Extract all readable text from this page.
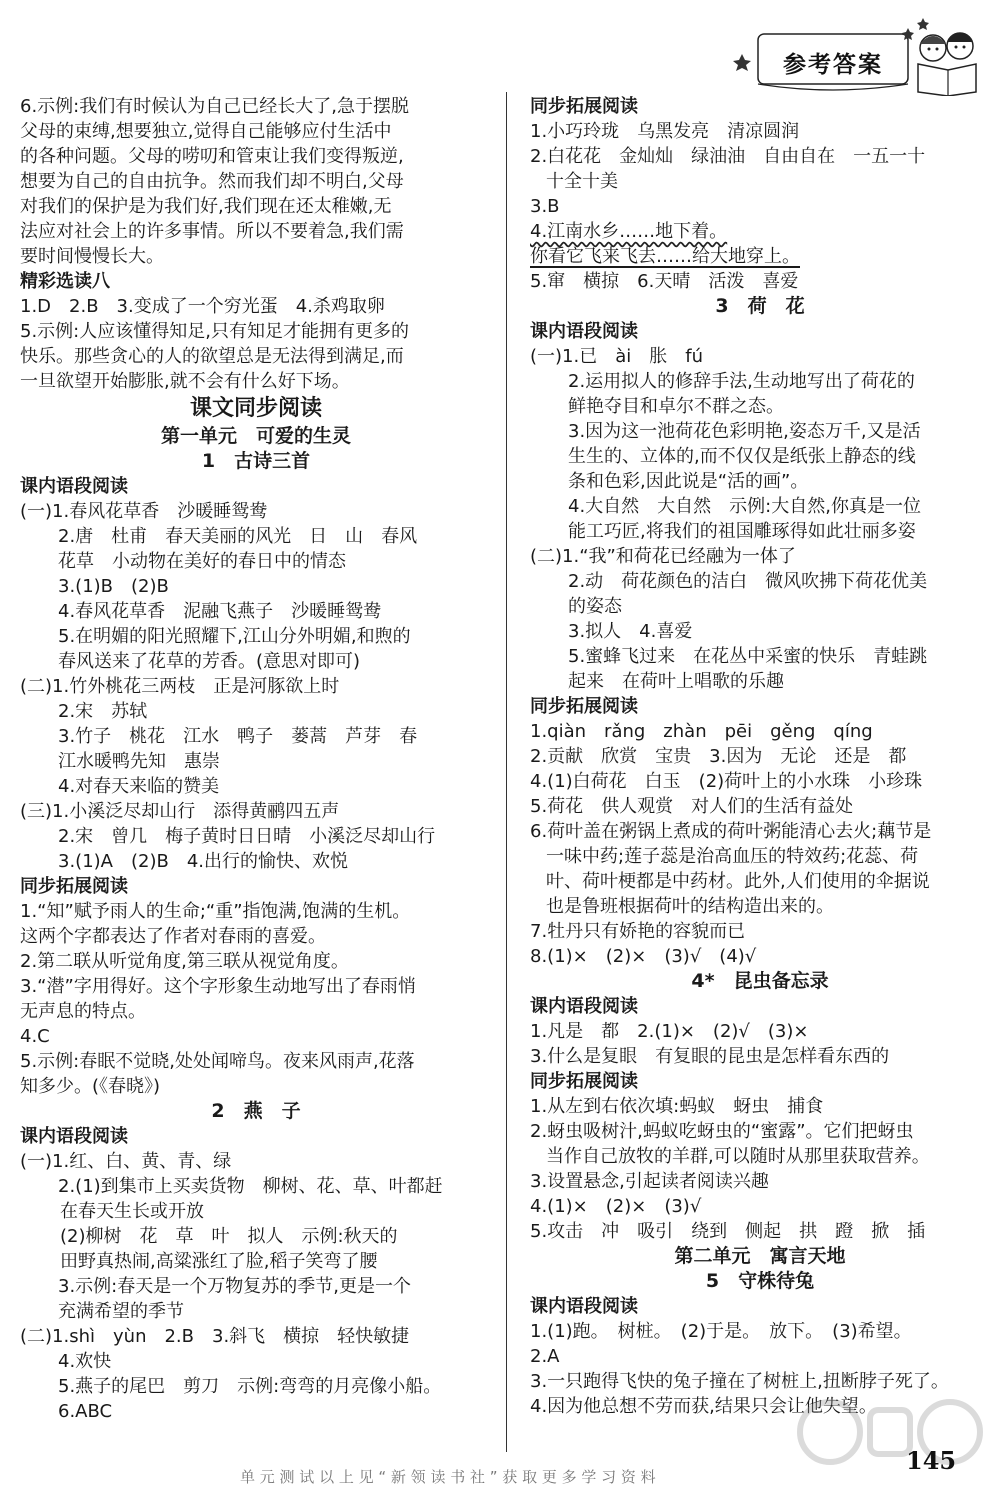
参考答案
6.示例:我们有时候认为自己已经长大了,急于摆脱
父母的束缚,想要独立,觉得自己能够应付生活中
的各种问题。父母的唠叨和管束让我们变得叛逆,
想要为自己的自由抗争。然而我们却不明白,父母
对我们的保护是为我们好,我们现在还太稚嫩,无
法应对社会上的许多事情。所以不要着急,我们需
要时间慢慢长大。
精彩选读八
1.D　2.B　3.变成了一个穷光蛋　4.杀鸡取卵
5.示例:人应该懂得知足,只有知足才能拥有更多的
快乐。那些贪心的人的欲望总是无法得到满足,而
一旦欲望开始膨胀,就不会有什么好下场。
课文同步阅读
第一单元　可爱的生灵
1　古诗三首
课内语段阅读
(一)1.春风花草香　沙暖睡鸳鸯
2.唐　杜甫　春天美丽的风光　日　山　春风
花草　小动物在美好的春日中的情态
3.(1)B　(2)B
4.春风花草香　泥融飞燕子　沙暖睡鸳鸯
5.在明媚的阳光照耀下,江山分外明媚,和煦的
春风送来了花草的芳香。(意思对即可)
(二)1.竹外桃花三两枝　正是河豚欲上时
2.宋　苏轼
3.竹子　桃花　江水　鸭子　蒌蒿　芦芽　春
江水暖鸭先知　惠崇
4.对春天来临的赞美
(三)1.小溪泛尽却山行　添得黄鹂四五声
2.宋　曾几　梅子黄时日日晴　小溪泛尽却山行
3.(1)A　(2)B　4.出行的愉快、欢悦
同步拓展阅读
1.“知”赋予雨人的生命;“重”指饱满,饱满的生机。
这两个字都表达了作者对春雨的喜爱。
2.第二联从听觉角度,第三联从视觉角度。
3.“潜”字用得好。这个字形象生动地写出了春雨悄
无声息的特点。
4.C
5.示例:春眠不觉晓,处处闻啼鸟。夜来风雨声,花落
知多少。(《春晓》)
2　燕　子
课内语段阅读
(一)1.红、白、黄、青、绿
2.(1)到集市上买卖货物　柳树、花、草、叶都赶
在春天生长或开放
(2)柳树　花　草　叶　拟人　示例:秋天的
田野真热闹,高粱涨红了脸,稻子笑弯了腰
3.示例:春天是一个万物复苏的季节,更是一个
充满希望的季节
(二)1.shì　yùn　2.B　3.斜飞　横掠　轻快敏捷
4.欢快
5.燕子的尾巴　剪刀　示例:弯弯的月亮像小船。
6.ABC
同步拓展阅读
1.小巧玲珑　乌黑发亮　清凉圆润
2.白花花　金灿灿　绿油油　自由自在　一五一十
十全十美
3.B
4.江南水乡……地下着。
你看它飞来飞去……给大地穿上。
5.窜　横掠　6.天晴　活泼　喜爱
3　荷　花
课内语段阅读
(一)1.已　ài　胀　fú
2.运用拟人的修辞手法,生动地写出了荷花的
鲜艳夺目和卓尔不群之态。
3.因为这一池荷花色彩明艳,姿态万千,又是活
生生的、立体的,而不仅仅是纸张上静态的线
条和色彩,因此说是“活的画”。
4.大自然　大自然　示例:大自然,你真是一位
能工巧匠,将我们的祖国雕琢得如此壮丽多姿
(二)1.“我”和荷花已经融为一体了
2.动　荷花颜色的洁白　微风吹拂下荷花优美
的姿态
3.拟人　4.喜爱
5.蜜蜂飞过来　在花丛中采蜜的快乐　青蛙跳
起来　在荷叶上唱歌的乐趣
同步拓展阅读
1.qiàn　rǎng　zhàn　pēi　gěng　qíng
2.贡献　欣赏　宝贵　3.因为　无论　还是　都
4.(1)白荷花　白玉　(2)荷叶上的小水珠　小珍珠
5.荷花　供人观赏　对人们的生活有益处
6.荷叶盖在粥锅上煮成的荷叶粥能清心去火;藕节是
一味中药;莲子蕊是治高血压的特效药;花蕊、荷
叶、荷叶梗都是中药材。此外,人们使用的伞据说
也是鲁班根据荷叶的结构造出来的。
7.牡丹只有娇艳的容貌而已
8.(1)×　(2)×　(3)√　(4)√
4*　昆虫备忘录
课内语段阅读
1.凡是　都　2.(1)×　(2)√　(3)×
3.什么是复眼　有复眼的昆虫是怎样看东西的
同步拓展阅读
1.从左到右依次填:蚂蚁　蚜虫　捕食
2.蚜虫吸树汁,蚂蚁吃蚜虫的“蜜露”。它们把蚜虫
当作自己放牧的羊群,可以随时从那里获取营养。
3.设置悬念,引起读者阅读兴趣
4.(1)×　(2)×　(3)√
5.攻击　冲　吸引　绕到　侧起　拱　蹬　掀　插
第二单元　寓言天地
5　守株待兔
课内语段阅读
1.(1)跑。　树桩。　(2)于是。　放下。　(3)希望。
2.A
3.一只跑得飞快的兔子撞在了树桩上,扭断脖子死了。
4.因为他总想不劳而获,结果只会让他失望。
145
单 元 测 试 以 上 见 “ 新 领 读 书 社 ” 获 取 更 多 学 习 资 料
